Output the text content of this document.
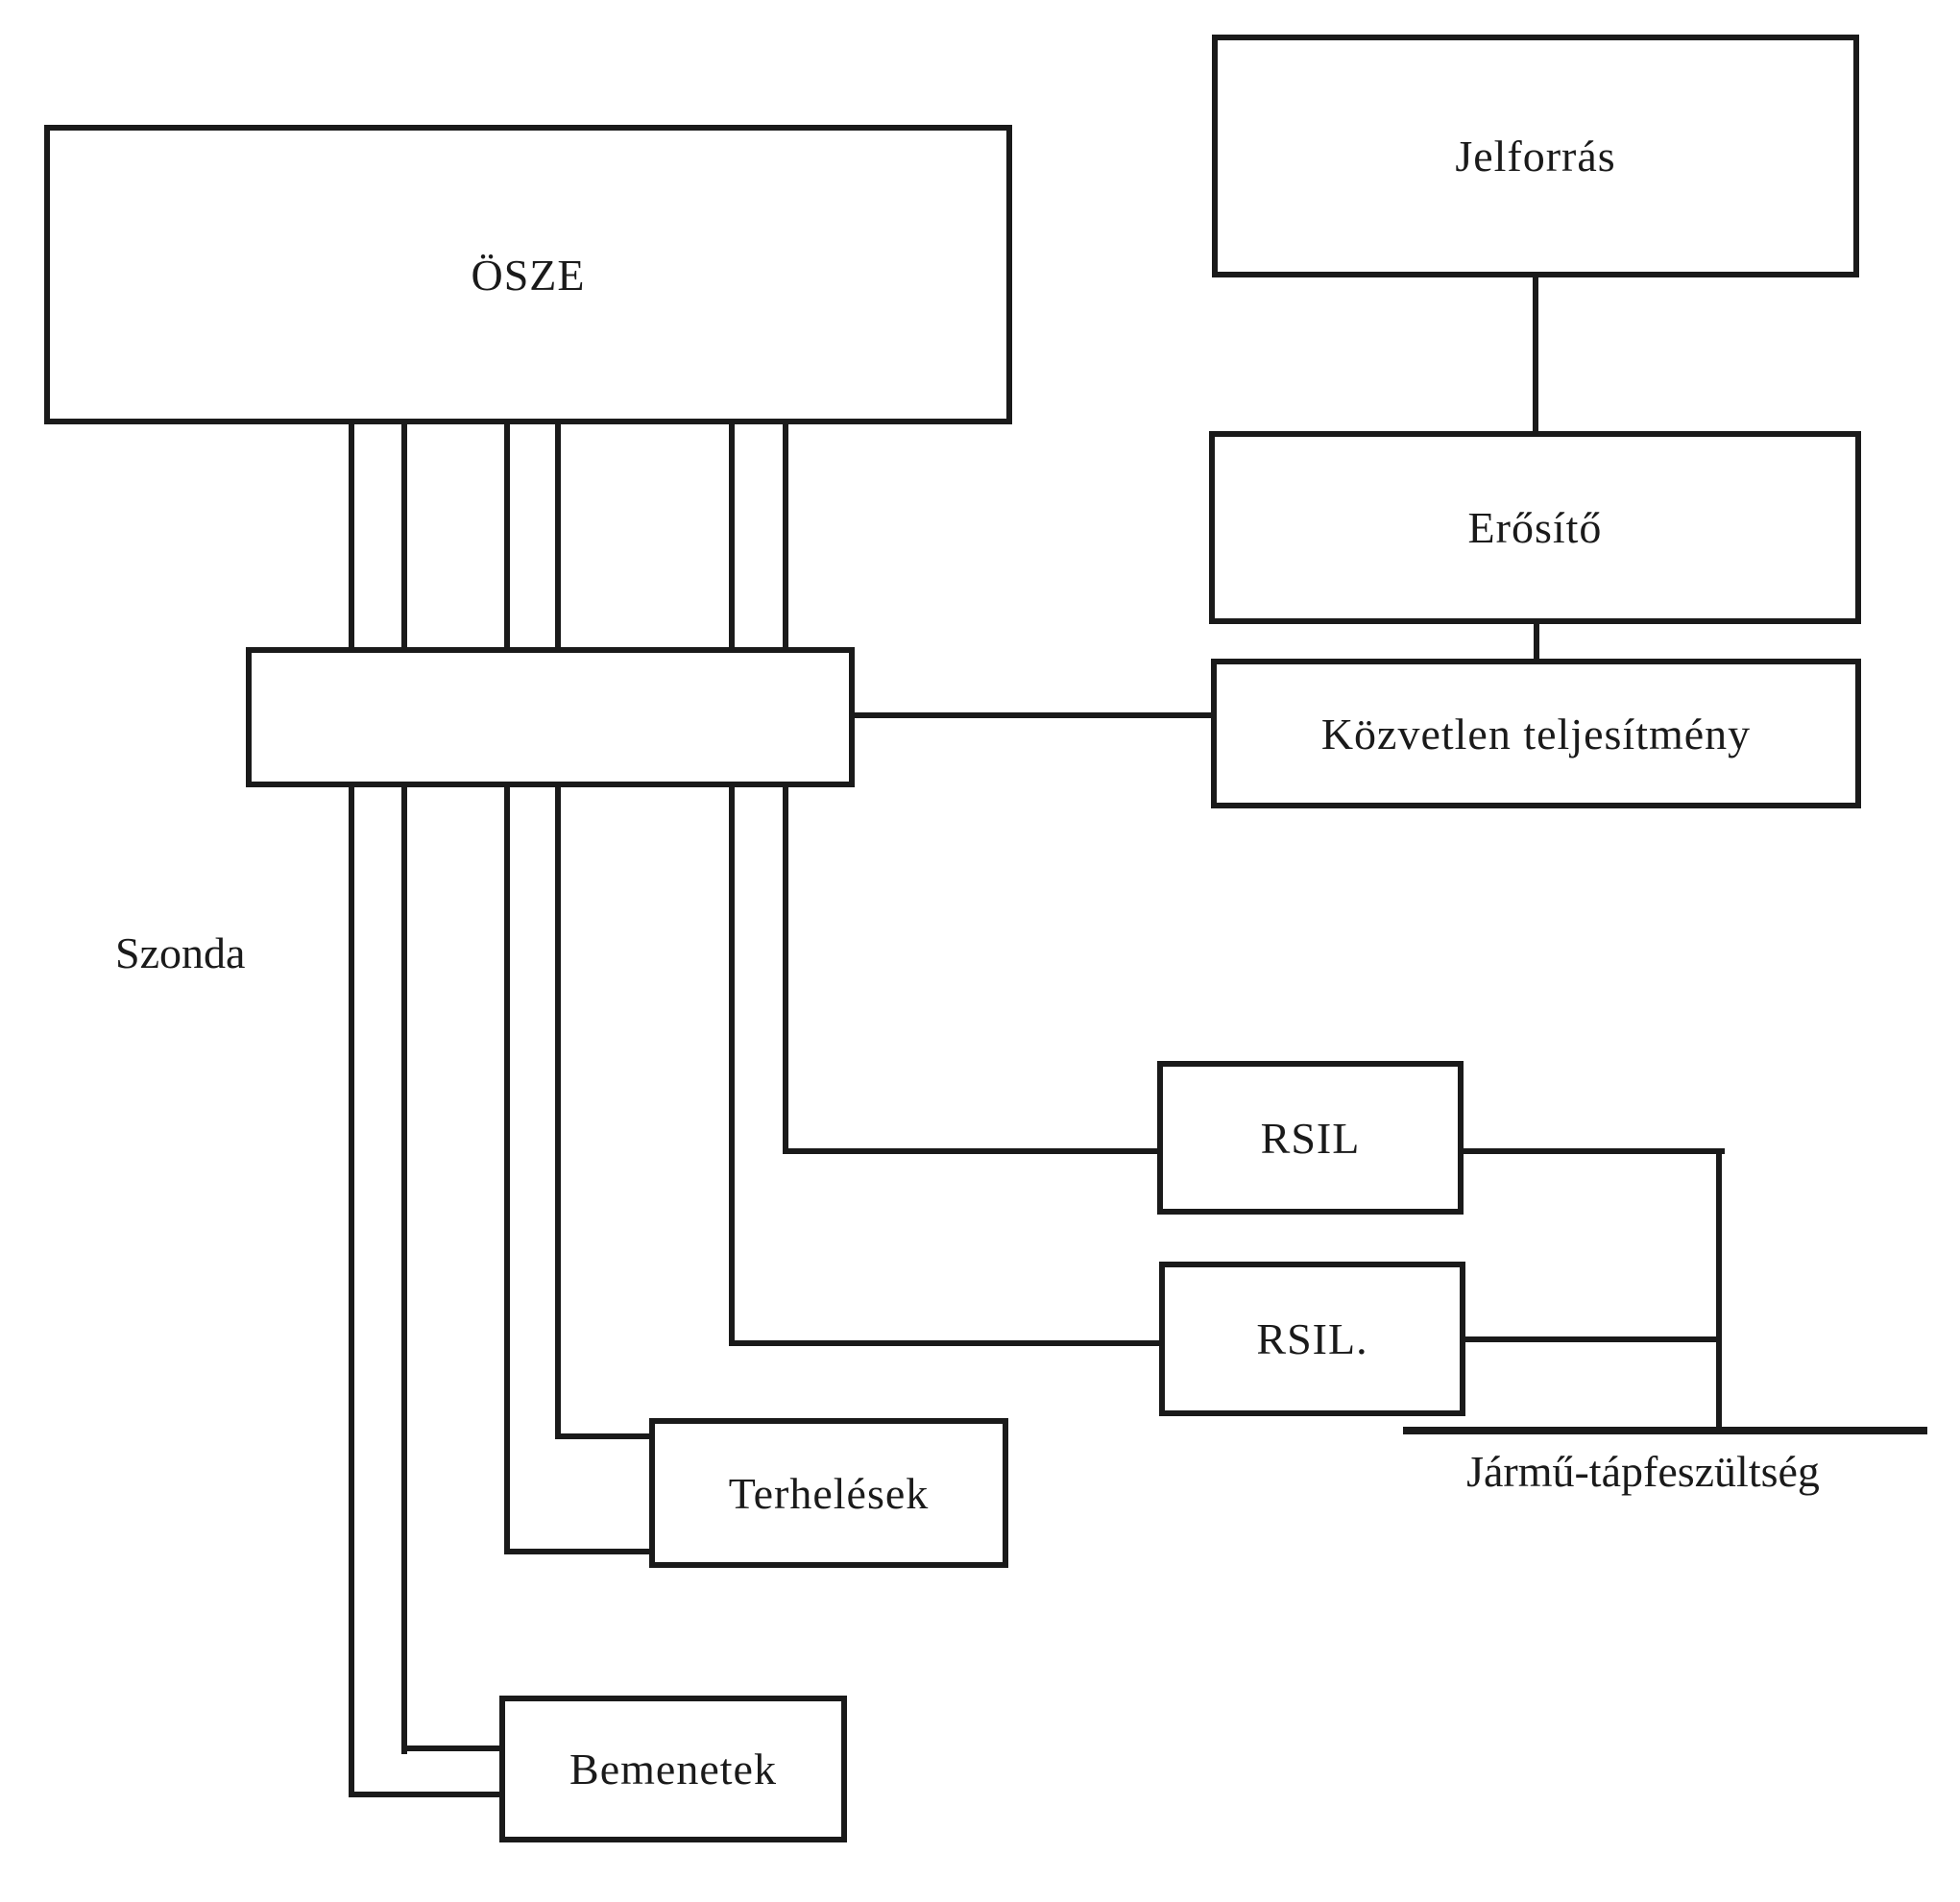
ÖSZE
Jelforrás
Erősítő
Közvetlen teljesítmény
RSIL
RSIL.
Terhelések
Bemenetek
Szonda
Jármű-tápfeszültség
